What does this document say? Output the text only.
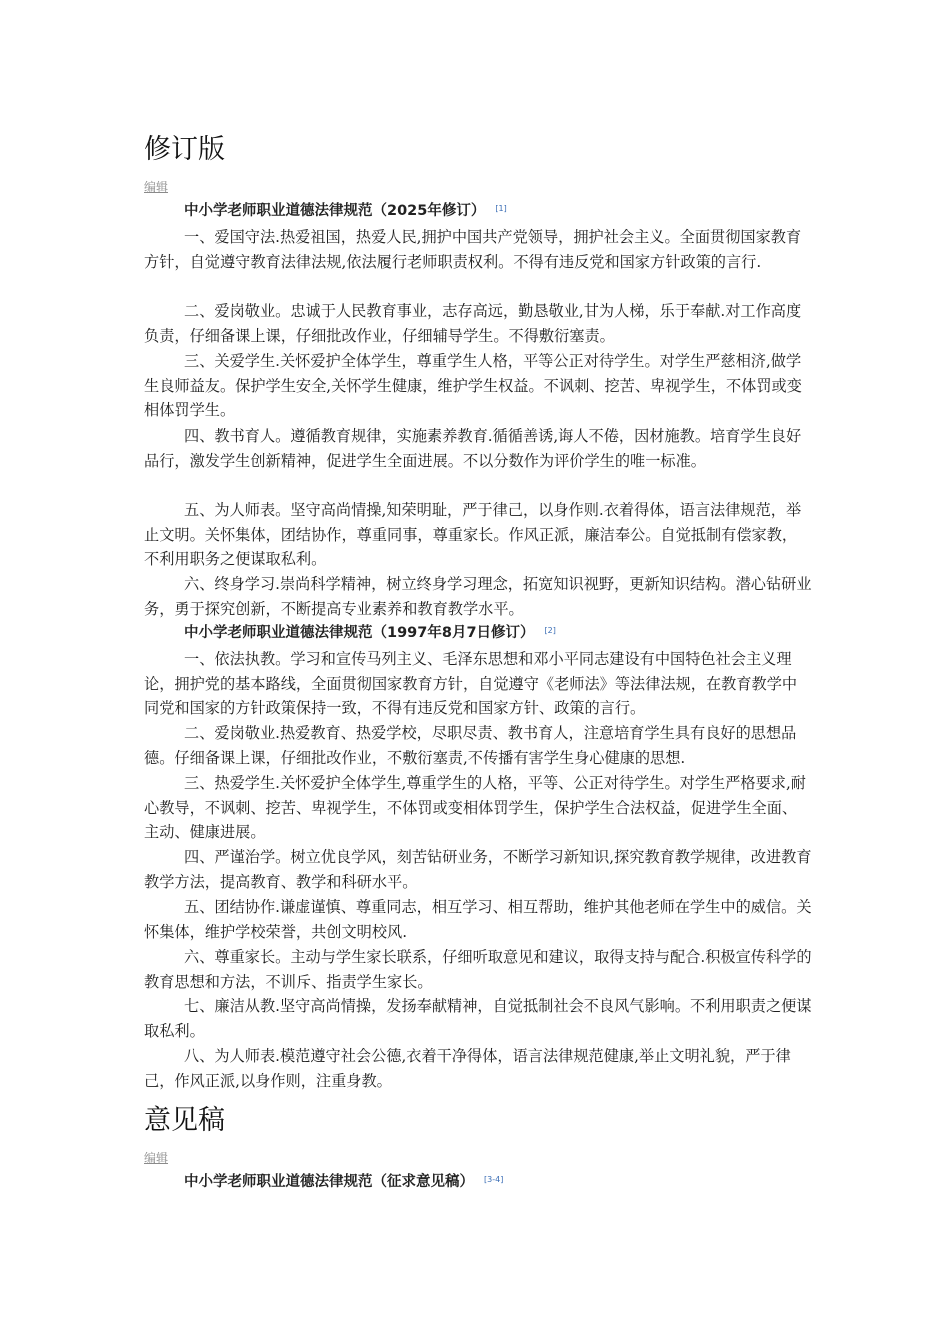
修订版
编辑
中小学老师职业道德法律规范（2025年修订） [1]

一、爱国守法.热爱祖国，热爱人民,拥护中国共产党领导，拥护社会主义。全面贯彻国家教育方针，自觉遵守教育法律法规,依法履行老师职责权利。不得有违反党和国家方针政策的言行.

二、爱岗敬业。忠诚于人民教育事业，志存高远，勤恳敬业,甘为人梯，乐于奉献.对工作高度负责，仔细备课上课，仔细批改作业，仔细辅导学生。不得敷衍塞责。

三、关爱学生.关怀爱护全体学生，尊重学生人格，平等公正对待学生。对学生严慈相济,做学生良师益友。保护学生安全,关怀学生健康，维护学生权益。不讽刺、挖苦、卑视学生，不体罚或变相体罚学生。

四、教书育人。遵循教育规律，实施素养教育.循循善诱,诲人不倦，因材施教。培育学生良好品行，激发学生创新精神，促进学生全面进展。不以分数作为评价学生的唯一标准。

五、为人师表。坚守高尚情操,知荣明耻，严于律己，以身作则.衣着得体，语言法律规范，举止文明。关怀集体，团结协作，尊重同事，尊重家长。作风正派，廉洁奉公。自觉抵制有偿家教，不利用职务之便谋取私利。

六、终身学习.崇尚科学精神，树立终身学习理念，拓宽知识视野，更新知识结构。潜心钻研业务，勇于探究创新，不断提高专业素养和教育教学水平。

中小学老师职业道德法律规范（1997年8月7日修订） [2]

一、依法执教。学习和宣传马列主义、毛泽东思想和邓小平同志建设有中国特色社会主义理论，拥护党的基本路线，全面贯彻国家教育方针，自觉遵守《老师法》等法律法规，在教育教学中同党和国家的方针政策保持一致，不得有违反党和国家方针、政策的言行。

二、爱岗敬业.热爱教育、热爱学校，尽职尽责、教书育人，注意培育学生具有良好的思想品德。仔细备课上课，仔细批改作业，不敷衍塞责,不传播有害学生身心健康的思想.

三、热爱学生.关怀爱护全体学生,尊重学生的人格，平等、公正对待学生。对学生严格要求,耐心教导，不讽刺、挖苦、卑视学生，不体罚或变相体罚学生，保护学生合法权益，促进学生全面、主动、健康进展。

四、严谨治学。树立优良学风，刻苦钻研业务，不断学习新知识,探究教育教学规律，改进教育教学方法，提高教育、教学和科研水平。

五、团结协作.谦虚谨慎、尊重同志，相互学习、相互帮助，维护其他老师在学生中的威信。关怀集体，维护学校荣誉，共创文明校风.

六、尊重家长。主动与学生家长联系，仔细听取意见和建议，取得支持与配合.积极宣传科学的教育思想和方法，不训斥、指责学生家长。

七、廉洁从教.坚守高尚情操，发扬奉献精神，自觉抵制社会不良风气影响。不利用职责之便谋取私利。

八、为人师表.模范遵守社会公德,衣着干净得体，语言法律规范健康,举止文明礼貌，严于律己，作风正派,以身作则，注重身教。

意见稿
编辑
中小学老师职业道德法律规范（征求意见稿） [3-4]
